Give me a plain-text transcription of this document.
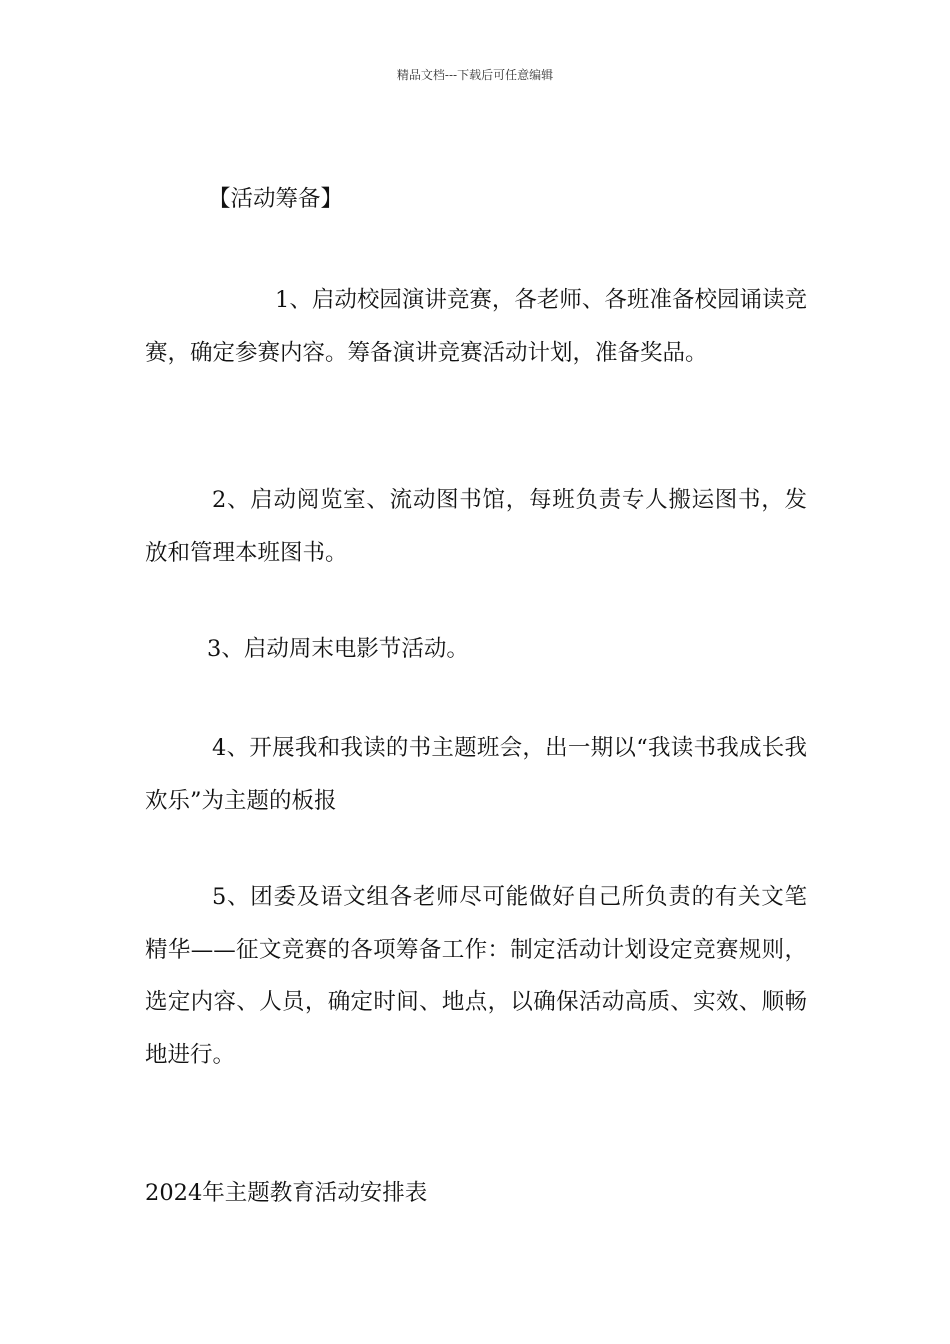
精品文档---下载后可任意编辑
【活动筹备】
1、启动校园演讲竞赛，各老师、各班准备校园诵读竞赛，确定参赛内容。筹备演讲竞赛活动计划，准备奖品。
2、启动阅览室、流动图书馆，每班负责专人搬运图书，发放和管理本班图书。
3、启动周末电影节活动。
4、开展我和我读的书主题班会，出一期以“我读书我成长我欢乐”为主题的板报
5、团委及语文组各老师尽可能做好自己所负责的有关文笔精华——征文竞赛的各项筹备工作：制定活动计划设定竞赛规则，选定内容、人员，确定时间、地点，以确保活动高质、实效、顺畅地进行。
2024年主题教育活动安排表
